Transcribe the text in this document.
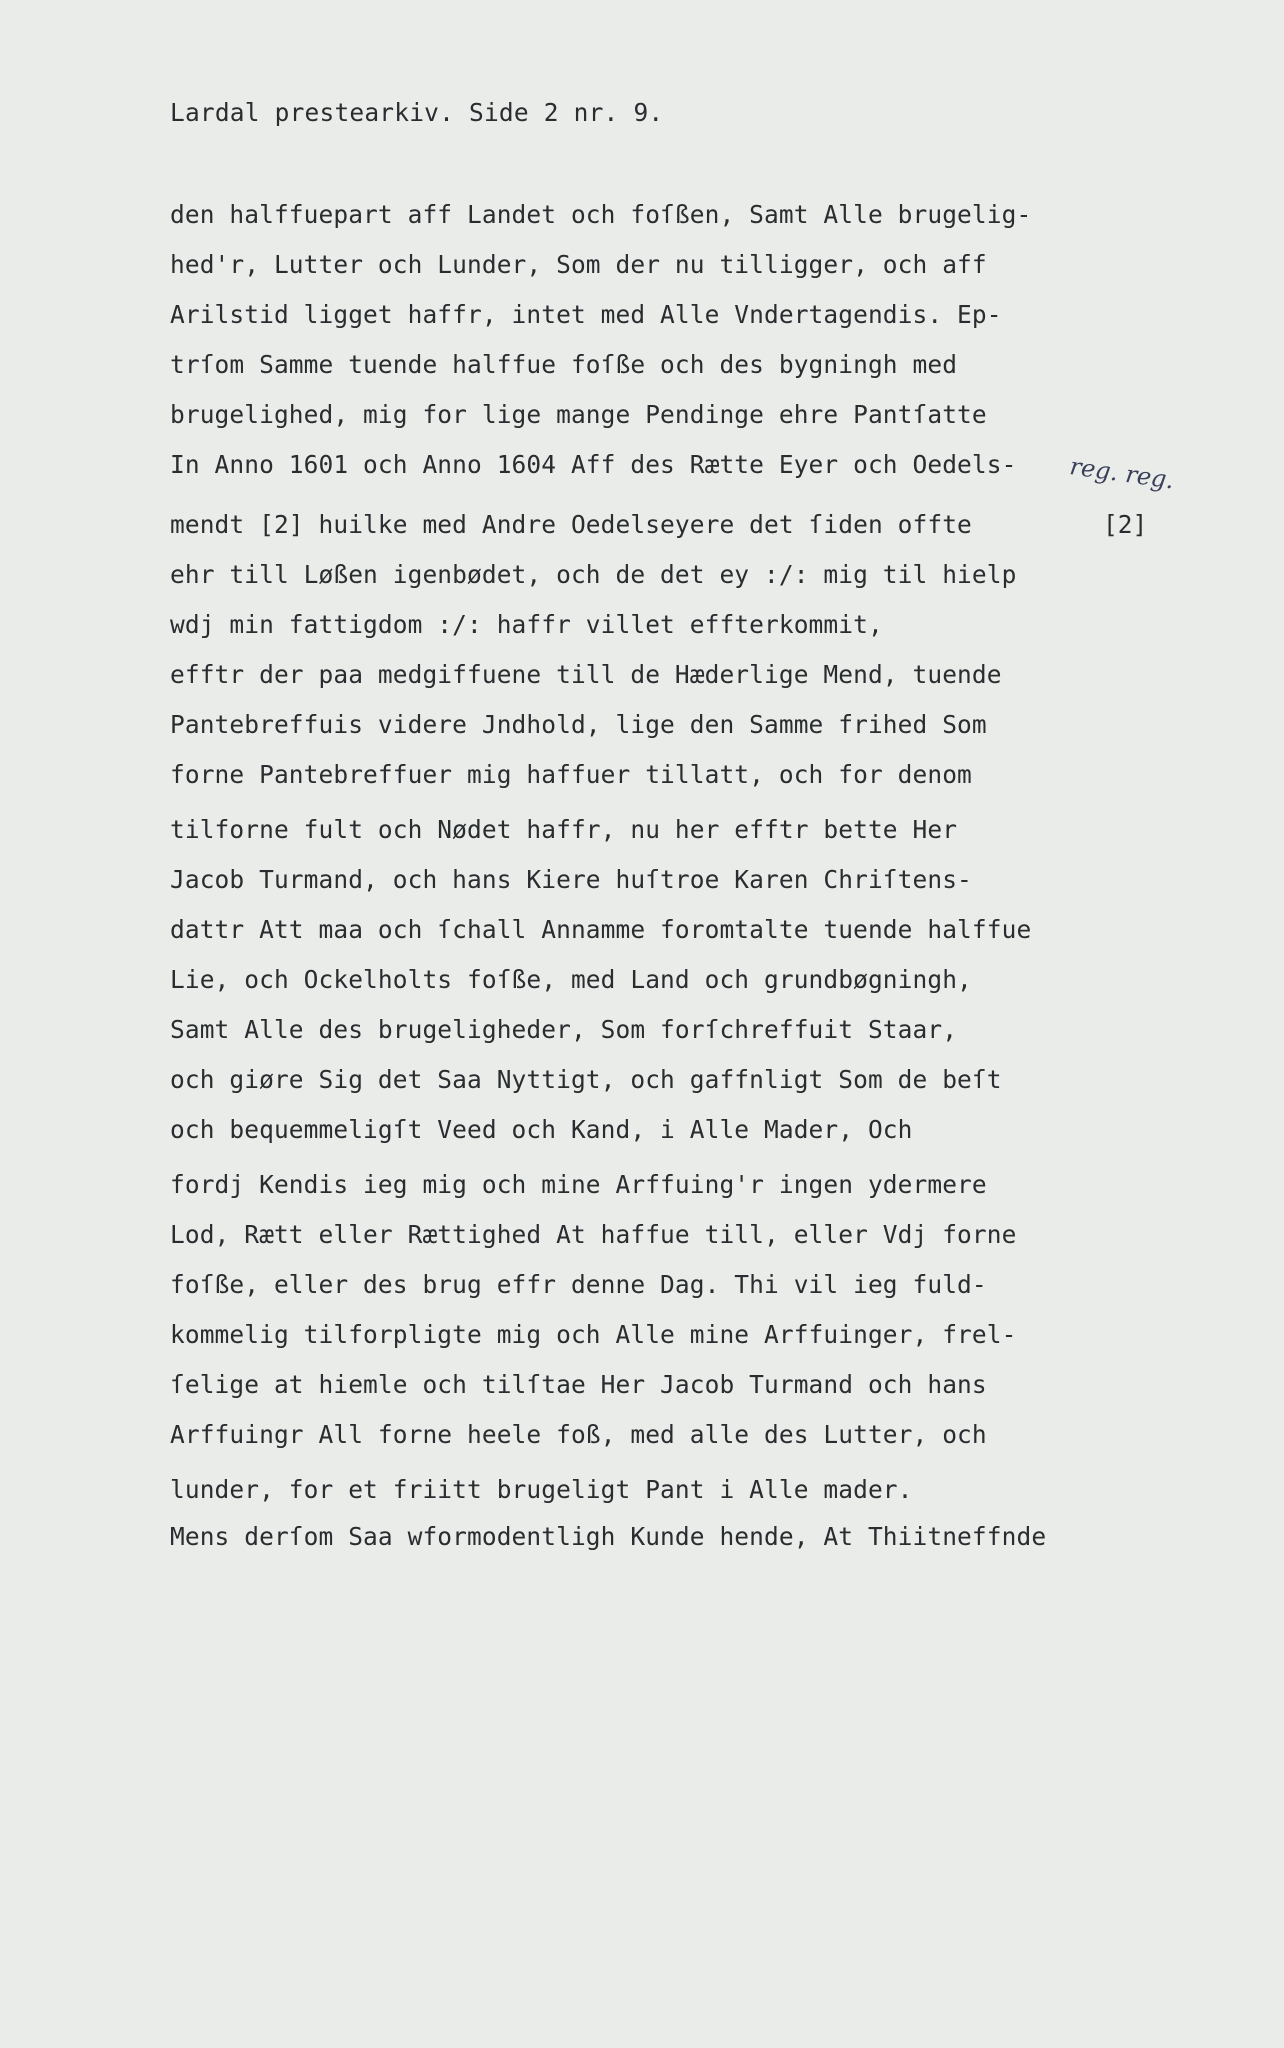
Lardal prestearkiv. Side 2 nr. 9.
den halffuepart aff Landet och foſßen, Samt Alle brugelig-
hed'r, Lutter och Lunder, Som der nu tilligger, och aff
Arilstid ligget haffr, intet med Alle Vndertagendis. Ep-
trſom Samme tuende halffue foſße och des bygningh med
brugelighed, mig for lige mange Pendinge ehre Pantſatte
In Anno 1601 och Anno 1604 Aff des Rætte Eyer och Oedels-
mendt [2] huilke med Andre Oedelseyere det ſiden offte
ehr till Løßen igenbødet, och de det ey :/: mig til hielp
wdj min fattigdom :/: haffr villet effterkommit,
efftr der paa medgiffuene till de Hæderlige Mend, tuende
Pantebreffuis videre Jndhold, lige den Samme frihed Som
forne Pantebreffuer mig haffuer tillatt, och for denom
tilforne fult och Nødet haffr, nu her efftr bette Her
Jacob Turmand, och hans Kiere huſtroe Karen Chriſtens-
dattr Att maa och ſchall Annamme foromtalte tuende halffue
Lie, och Ockelholts foſße, med Land och grundbøgningh,
Samt Alle des brugeligheder, Som forſchreffuit Staar,
och giøre Sig det Saa Nyttigt, och gaffnligt Som de beſt
och bequemmeligſt Veed och Kand, i Alle Mader, Och
fordj Kendis ieg mig och mine Arffuing'r ingen ydermere
Lod, Rætt eller Rættighed At haffue till, eller Vdj forne
foſße, eller des brug effr denne Dag. Thi vil ieg fuld-
kommelig tilforpligte mig och Alle mine Arffuinger, frel-
ſelige at hiemle och tilſtae Her Jacob Turmand och hans
Arffuingr All forne heele foß, med alle des Lutter, och
lunder, for et friitt brugeligt Pant i Alle mader.
Mens derſom Saa wformodentligh Kunde hende, At Thiitneffnde
reg. reg.
[2]
